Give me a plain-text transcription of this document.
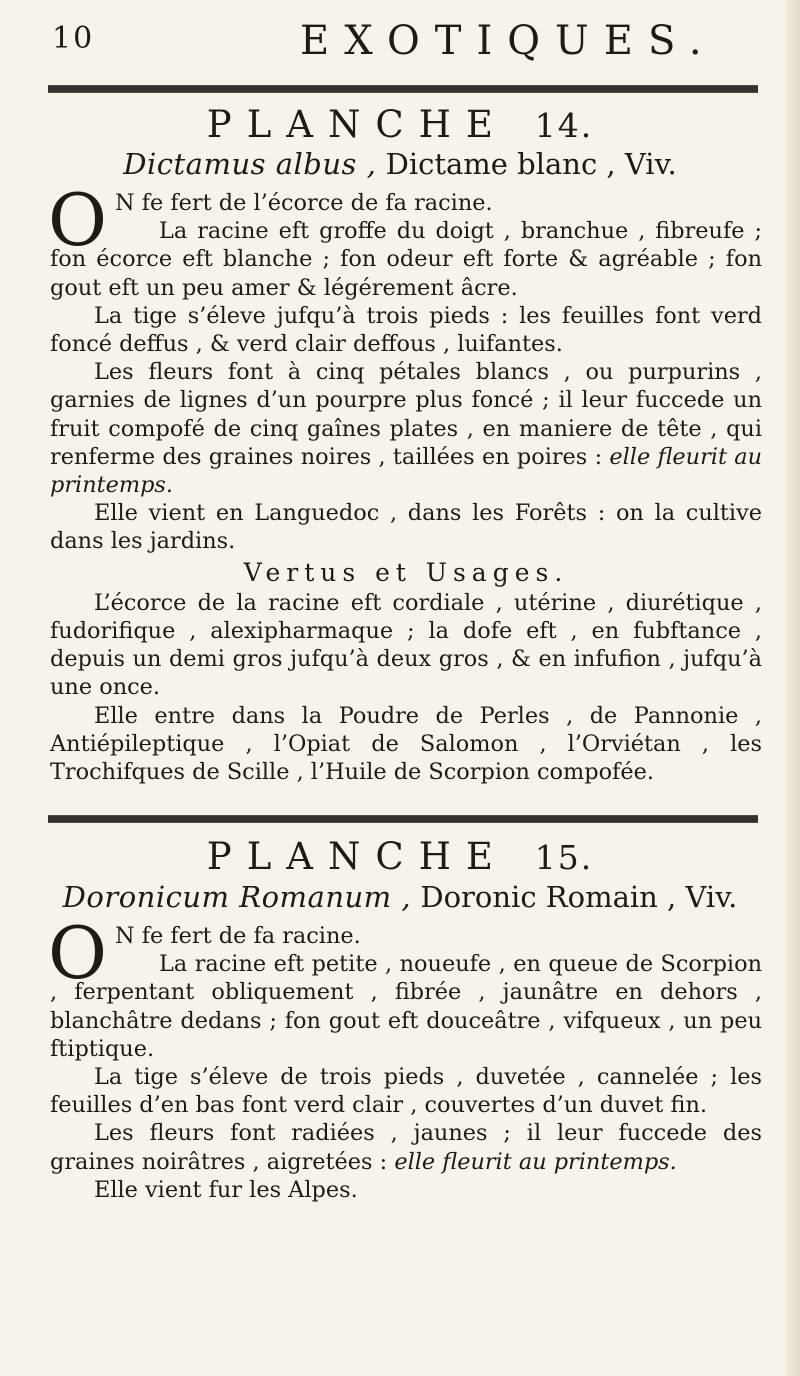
10	EXOTIQUES.
PLANCHE 14.
Dictamus albus , Dictame blanc , Viv.

O N fe fert de l’écorce de fa racine.

La racine eft groffe du doigt , branchue , fibreufe ; fon écorce eft blanche ; fon odeur eft forte & agréable ; fon gout eft un peu amer & légérement âcre.

La tige s’éleve jufqu’à trois pieds : les feuilles font verd foncé deffus , & verd clair deffous , luifantes.

Les fleurs font à cinq pétales blancs , ou purpurins , garnies de lignes d’un pourpre plus foncé ; il leur fuccede un fruit compofé de cinq gaînes plates , en maniere de tête , qui renferme des graines noires , taillées en poires : elle fleurit au printemps.

Elle vient en Languedoc , dans les Forêts : on la cultive dans les jardins.

Vertus et Usages.

L’écorce de la racine eft cordiale , utérine , diurétique , fudorifique , alexipharmaque ; la dofe eft , en fubftance , depuis un demi gros jufqu’à deux gros , & en infufion , jufqu’à une once.

Elle entre dans la Poudre de Perles , de Pannonie , Antiépileptique , l’Opiat de Salomon , l’Orviétan , les Trochifques de Scille , l’Huile de Scorpion compofée.

PLANCHE 15.
Doronicum Romanum , Doronic Romain , Viv.

O N fe fert de fa racine.

La racine eft petite , noueufe , en queue de Scorpion , ferpentant obliquement , fibrée , jaunâtre en dehors , blanchâtre dedans ; fon gout eft douceâtre , vifqueux , un peu ftiptique.

La tige s’éleve de trois pieds , duvetée , cannelée ; les feuilles d’en bas font verd clair , couvertes d’un duvet fin.

Les fleurs font radiées , jaunes ; il leur fuccede des graines noirâtres , aigretées : elle fleurit au printemps.

Elle vient fur les Alpes.
